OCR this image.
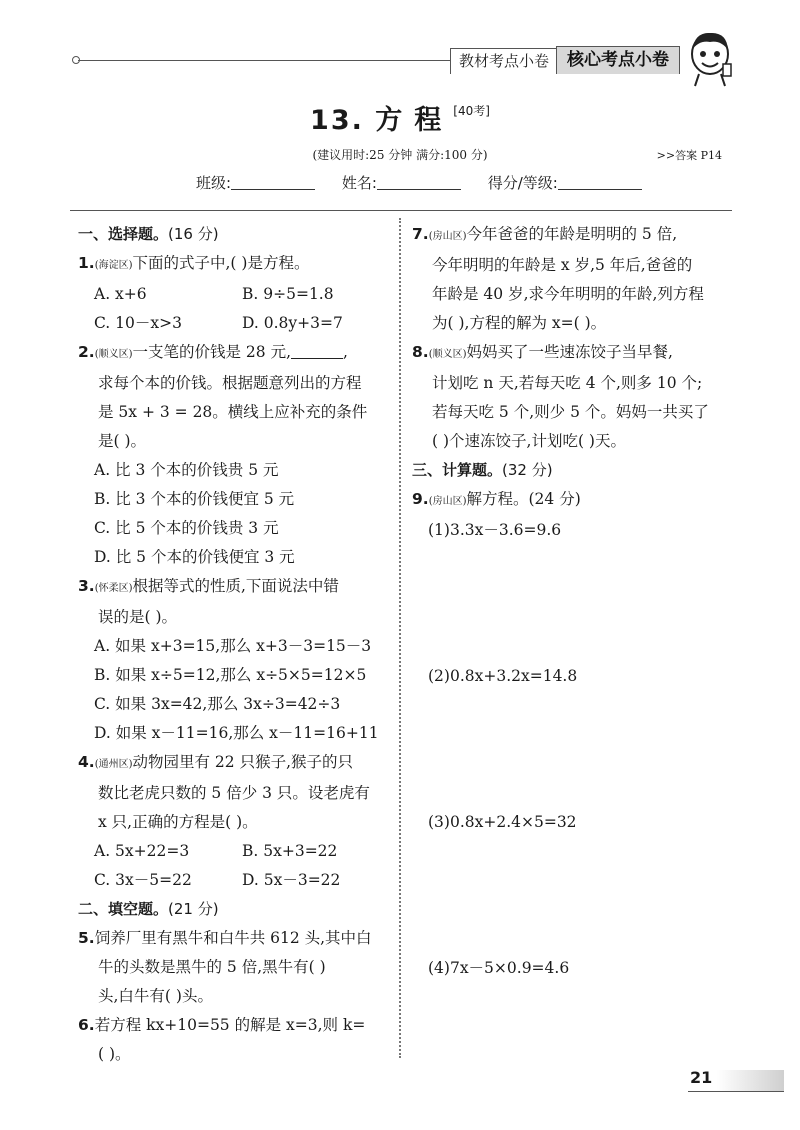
教材考点小卷	核心考点小卷
13. 方程[40考]
(建议用时:25 分钟 满分:100 分)	>>答案 P14
班级:	姓名:	得分/等级:
一、选择题。(16 分)
1.(海淀区)下面的式子中,( )是方程。
A. x+6	B. 9÷5=1.8
C. 10－x>3	D. 0.8y+3=7
2.(顺义区)一支笔的价钱是 28 元,	,
求每个本的价钱。根据题意列出的方程
是 5x + 3 = 28。横线上应补充的条件
是( )。
A. 比 3 个本的价钱贵 5 元
B. 比 3 个本的价钱便宜 5 元
C. 比 5 个本的价钱贵 3 元
D. 比 5 个本的价钱便宜 3 元
3.(怀柔区)根据等式的性质,下面说法中错
误的是( )。
A. 如果 x+3=15,那么 x+3－3=15－3
B. 如果 x÷5=12,那么 x÷5×5=12×5
C. 如果 3x=42,那么 3x÷3=42÷3
D. 如果 x－11=16,那么 x－11=16+11
4.(通州区)动物园里有 22 只猴子,猴子的只
数比老虎只数的 5 倍少 3 只。设老虎有
x 只,正确的方程是( )。
A. 5x+22=3	B. 5x+3=22
C. 3x－5=22	D. 5x－3=22
二、填空题。(21 分)
5.饲养厂里有黑牛和白牛共 612 头,其中白
牛的头数是黑牛的 5 倍,黑牛有( )
头,白牛有( )头。
6.若方程 kx+10=55 的解是 x=3,则 k=
( )。
7.(房山区)今年爸爸的年龄是明明的 5 倍,
今年明明的年龄是 x 岁,5 年后,爸爸的
年龄是 40 岁,求今年明明的年龄,列方程
为( ),方程的解为 x=( )。
8.(顺义区)妈妈买了一些速冻饺子当早餐,
计划吃 n 天,若每天吃 4 个,则多 10 个;
若每天吃 5 个,则少 5 个。妈妈一共买了
( )个速冻饺子,计划吃( )天。
三、计算题。(32 分)
9.(房山区)解方程。(24 分)
(1)3.3x－3.6=9.6
(2)0.8x+3.2x=14.8
(3)0.8x+2.4×5=32
(4)7x－5×0.9=4.6
21
